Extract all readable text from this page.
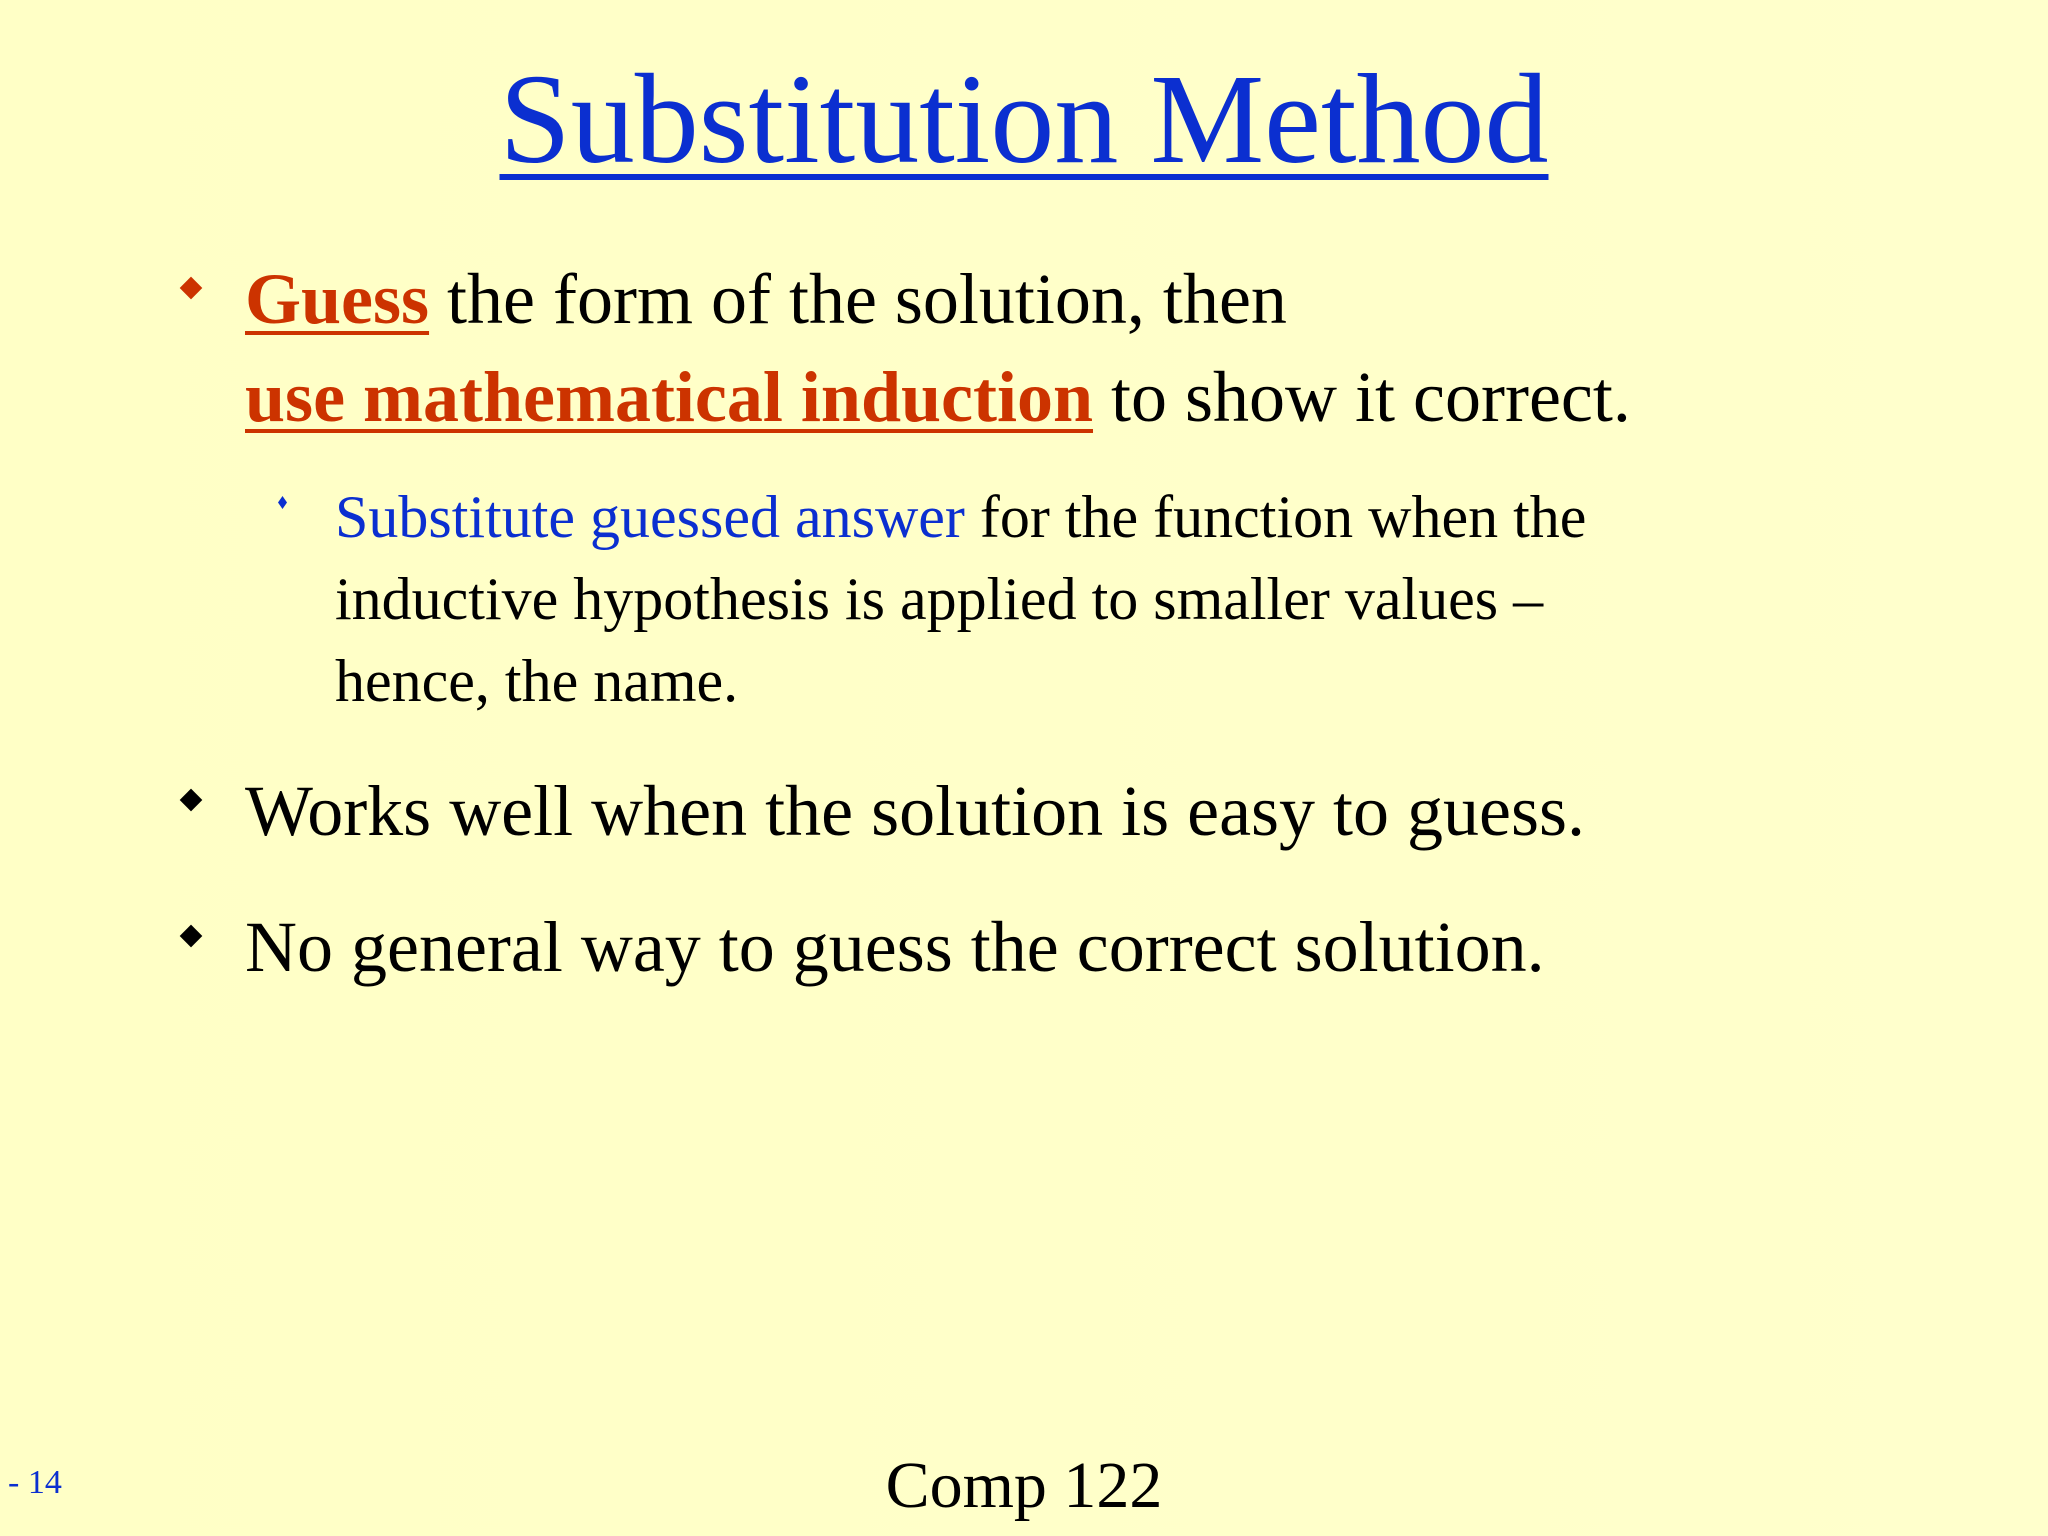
Substitution Method
Guess the form of the solution, then
use mathematical induction to show it correct.
Substitute guessed answer for the function when the
inductive hypothesis is applied to smaller values –
hence, the name.
Works well when the solution is easy to guess.
No general way to guess the correct solution.
Comp 122
- 14
